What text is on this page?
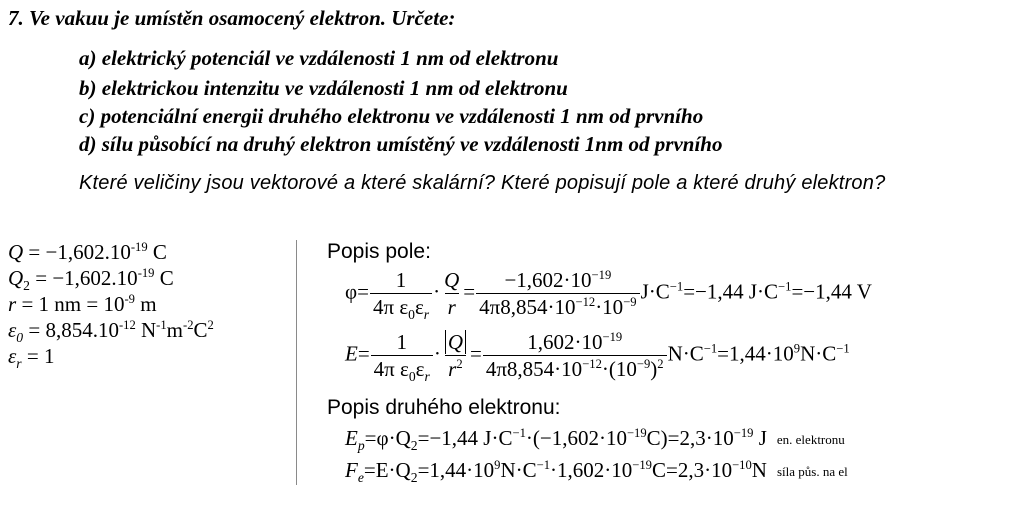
7. Ve vakuu je umístěn osamocený elektron. Určete:
a) elektrický potenciál ve vzdálenosti 1 nm od elektronu
b) elektrickou intenzitu ve vzdálenosti 1 nm od elektronu
c) potenciální energii druhého elektronu ve vzdálenosti 1 nm od prvního
d) sílu působící na druhý elektron umístěný ve vzdálenosti 1nm od prvního
Které veličiny jsou vektorové a které skalární? Které popisují pole a které druhý elektron?
$Q = -1,602.10^{-19}$ C
$Q_2 = -1,602.10^{-19}$ C
r = 1 nm = $10^{-9}$ m
$\varepsilon_0 = 8,854.10^{-12}$ $N^{-1}m^{-2}C^2$
$\varepsilon_r = 1$
Popis pole:
$\varphi= \frac{1}{4\pi \varepsilon_0\varepsilon_r} \cdot \frac{Q}{r} = \frac{-1,602\cdot 10^{-19}}{4\pi 8,854\cdot 10^{-12}\cdot 10^{-9}} J\cdot C^{-1}=-1,44$ $J\cdot C^{-1}=-1,44$ V
$E= \frac{1}{4\pi \varepsilon_0\varepsilon_r} \cdot \frac{Q}{r^2} = \frac{1,602\cdot 10^{-19}}{4\pi 8,854\cdot 10^{-12}\cdot(10^{-9})^2} N\cdot C^{-1}=1,44\cdot 10^9N\cdot C^{-1}$
Popis druhého elektronu:
$E_p=\varphi\cdot Q_2=-1,44$ $J\cdot C^{-1}\cdot(-1,602\cdot 10^{-19}C)=2,3\cdot 10^{-19}$ J en. elektronu
$F_e=E\cdot Q_2=1,44\cdot 10^9N\cdot C^{-1}\cdot 1,602\cdot 10^{-19}C=2,3\cdot 10^{-10}N$ síla půs. na el
